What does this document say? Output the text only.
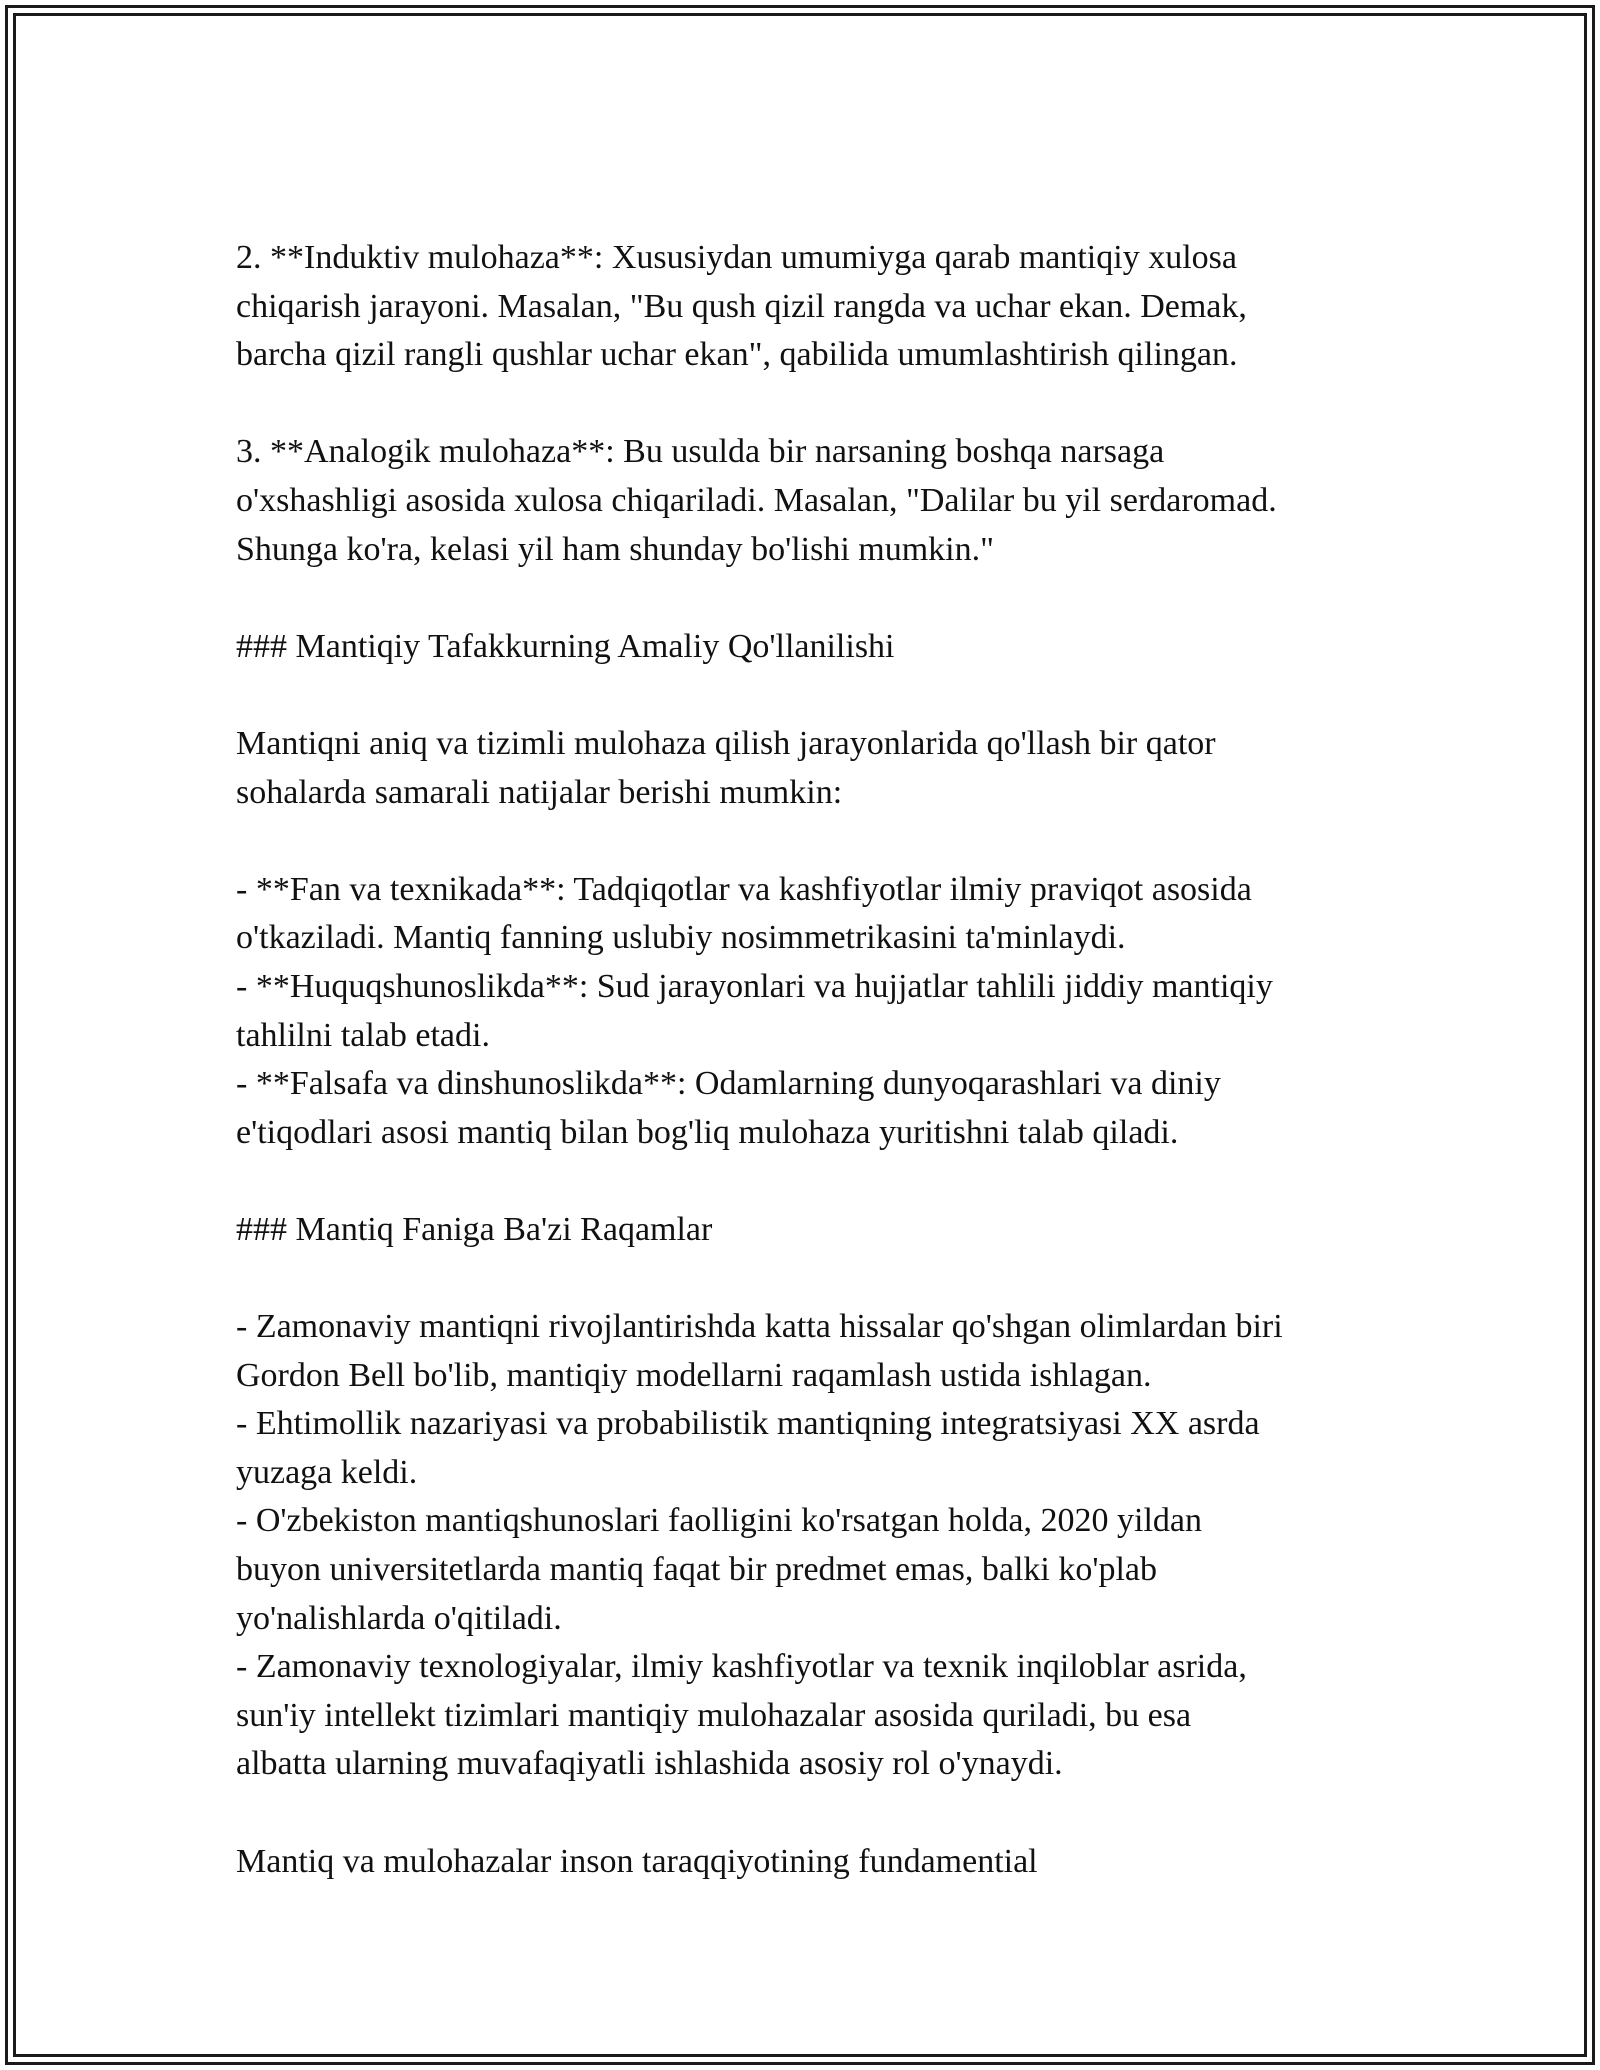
2. **Induktiv mulohaza**: Xususiydan umumiyga qarab mantiqiy xulosa
chiqarish jarayoni. Masalan, "Bu qush qizil rangda va uchar ekan. Demak,
barcha qizil rangli qushlar uchar ekan", qabilida umumlashtirish qilingan.
3. **Analogik mulohaza**: Bu usulda bir narsaning boshqa narsaga
o'xshashligi asosida xulosa chiqariladi. Masalan, "Dalilar bu yil serdaromad.
Shunga ko'ra, kelasi yil ham shunday bo'lishi mumkin."
### Mantiqiy Tafakkurning Amaliy Qo'llanilishi
Mantiqni aniq va tizimli mulohaza qilish jarayonlarida qo'llash bir qator
sohalarda samarali natijalar berishi mumkin:
- **Fan va texnikada**: Tadqiqotlar va kashfiyotlar ilmiy praviqot asosida
o'tkaziladi. Mantiq fanning uslubiy nosimmetrikasini ta'minlaydi.
- **Huquqshunoslikda**: Sud jarayonlari va hujjatlar tahlili jiddiy mantiqiy
tahlilni talab etadi.
- **Falsafa va dinshunoslikda**: Odamlarning dunyoqarashlari va diniy
e'tiqodlari asosi mantiq bilan bog'liq mulohaza yuritishni talab qiladi.
### Mantiq Faniga Ba'zi Raqamlar
- Zamonaviy mantiqni rivojlantirishda katta hissalar qo'shgan olimlardan biri
Gordon Bell bo'lib, mantiqiy modellarni raqamlash ustida ishlagan.
- Ehtimollik nazariyasi va probabilistik mantiqning integratsiyasi XX asrda
yuzaga keldi.
- O'zbekiston mantiqshunoslari faolligini ko'rsatgan holda, 2020 yildan
buyon universitetlarda mantiq faqat bir predmet emas, balki ko'plab
yo'nalishlarda o'qitiladi.
- Zamonaviy texnologiyalar, ilmiy kashfiyotlar va texnik inqiloblar asrida,
sun'iy intellekt tizimlari mantiqiy mulohazalar asosida quriladi, bu esa
albatta ularning muvafaqiyatli ishlashida asosiy rol o'ynaydi.
Mantiq va mulohazalar inson taraqqiyotining fundamential
